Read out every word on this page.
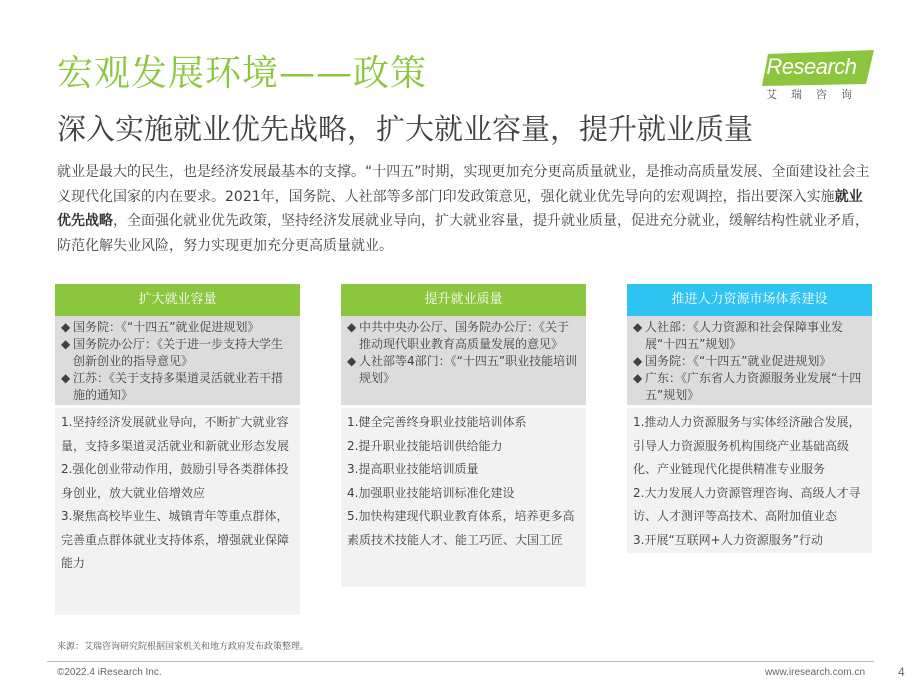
宏观发展环境——政策	iResearch
艾瑞咨询
深入实施就业优先战略，扩大就业容量，提升就业质量

就业是最大的民生，也是经济发展最基本的支撑。“十四五”时期，实现更加充分更高质量就业，是推动高质量发展、全面建设社会主义现代化国家的内在要求。2021年，国务院、人社部等多部门印发政策意见，强化就业优先导向的宏观调控，指出要深入实施就业优先战略，全面强化就业优先政策，坚持经济发展就业导向，扩大就业容量，提升就业质量，促进充分就业，缓解结构性就业矛盾，防范化解失业风险，努力实现更加充分更高质量就业。

扩大就业容量
◆ 国务院：《“十四五”就业促进规划》
◆ 国务院办公厅：《关于进一步支持大学生创新创业的指导意见》
◆ 江苏：《关于支持多渠道灵活就业若干措施的通知》
1.坚持经济发展就业导向，不断扩大就业容量，支持多渠道灵活就业和新就业形态发展
2.强化创业带动作用，鼓励引导各类群体投身创业，放大就业倍增效应
3.聚焦高校毕业生、城镇青年等重点群体，完善重点群体就业支持体系，增强就业保障能力
提升就业质量
◆ 中共中央办公厅、国务院办公厅：《关于推动现代职业教育高质量发展的意见》
◆ 人社部等4部门：《“十四五”职业技能培训规划》
1.健全完善终身职业技能培训体系
2.提升职业技能培训供给能力
3.提高职业技能培训质量
4.加强职业技能培训标准化建设
5.加快构建现代职业教育体系，培养更多高素质技术技能人才、能工巧匠、大国工匠
推进人力资源市场体系建设
◆ 人社部：《人力资源和社会保障事业发展“十四五”规划》
◆ 国务院：《“十四五”就业促进规划》
◆ 广东：《广东省人力资源服务业发展“十四五”规划》
1.推动人力资源服务与实体经济融合发展，引导人力资源服务机构围绕产业基础高级化、产业链现代化提供精准专业服务
2.大力发展人力资源管理咨询、高级人才寻访、人才测评等高技术、高附加值业态
3.开展“互联网+人力资源服务”行动
来源：艾瑞咨询研究院根据国家机关和地方政府发布政策整理。
©2022.4 iResearch Inc.	www.iresearch.com.cn	4
